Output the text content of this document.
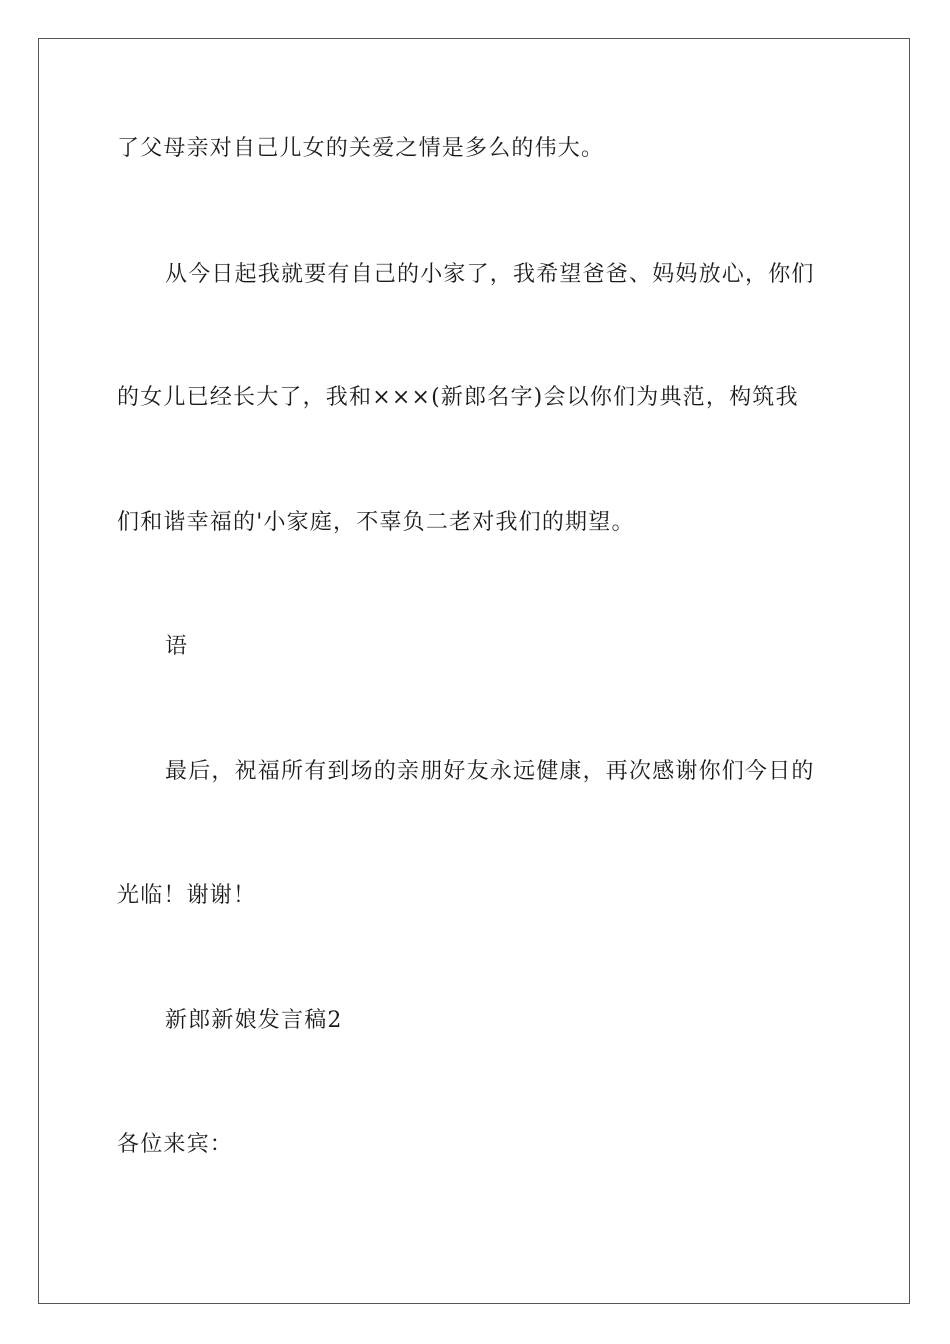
了父母亲对自己儿女的关爱之情是多么的伟大。
从今日起我就要有自己的小家了，我希望爸爸、妈妈放心，你们
的女儿已经长大了，我和×××(新郎名字)会以你们为典范，构筑我
们和谐幸福的'小家庭，不辜负二老对我们的期望。
语
最后，祝福所有到场的亲朋好友永远健康，再次感谢你们今日的
光临！谢谢！
新郎新娘发言稿2
各位来宾：
